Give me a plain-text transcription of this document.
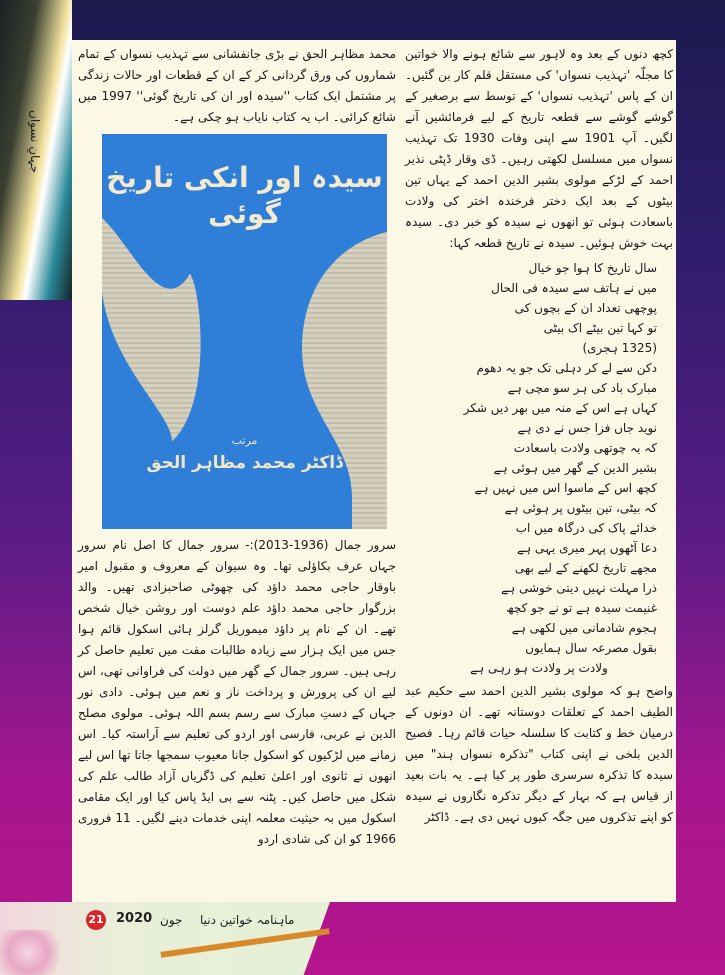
جہانِ نسواں

کچھ دنوں کے بعد وہ لاہور سے شائع ہونے والا خواتین کا مجلّہ 'تہذیب نسواں' کی مستقل قلم کار بن گئیں۔ ان کے پاس 'تہذیب نسواں' کے توسط سے برصغیر کے گوشے گوشے سے قطعہ تاریخ کے لیے فرمائشیں آنے لگیں۔ آپ 1901 سے اپنی وفات 1930 تک تہذیب نسواں میں مسلسل لکھتی رہیں۔ ڈی وقار ڈپٹی نذیر احمد کے لڑکے مولوی بشیر الدین احمد کے یہاں تین بیٹوں کے بعد ایک دختر فرخندہ اختر کی ولادت باسعادت ہوئی تو انھوں نے سیدہ کو خبر دی۔ سیدہ بہت خوش ہوئیں۔ سیدہ نے تاریخ قطعہ کہا:

سال تاریخ کا ہوا جو خیال
میں نے ہاتف سے سیدہ فی الحال
پوچھی تعداد ان کے بچوں کی
تو کہا تین بیٹے اک بیٹی
(1325 ہجری)
دکن سے لے کر دہلی تک جو یہ دھوم
مبارک باد کی ہر سو مچی ہے
کہاں ہے اس کے منہ میں بھر دیں شکر
نوید جاں فزا جس نے دی ہے
کہ یہ چوتھی ولادت باسعادت
بشیر الدین کے گھر میں ہوئی ہے
کچھ اس کے ماسوا اس میں نہیں ہے
کہ بیٹی، تین بیٹوں پر ہوئی ہے
خدائے پاک کی درگاہ میں اب
دعا آٹھوں پہر میری یہی ہے
مجھے تاریخ لکھنے کے لیے بھی
ذرا مہلت نہیں دیتی خوشی ہے
غنیمت سیدہ ہے تو نے جو کچھ
ہجوم شادمانی میں لکھی ہے
بقول مصرعہ سال ہمایوں

ولادت پر ولادت ہو رہی ہے

واضح ہو کہ مولوی بشیر الدین احمد سے حکیم عبد الطیف احمد کے تعلقات دوستانہ تھے۔ ان دونوں کے درمیان خط و کتابت کا سلسلہ حیات قائم رہا۔ فصیح الدین بلخی نے اپنی کتاب "تذکرہ نسواں ہند" میں سیدہ کا تذکرہ سرسری طور پر کیا ہے۔ یہ بات بعید از قیاس ہے کہ بہار کے دیگر تذکرہ نگاروں نے سیدہ کو اپنے تذکروں میں جگہ کیوں نہیں دی ہے۔ ڈاکٹر

محمد مظاہر الحق نے بڑی جانفشانی سے تہذیب نسواں کے تمام شماروں کی ورق گردانی کر کے ان کے قطعات اور حالات زندگی پر مشتمل ایک کتاب ''سیدہ اور ان کی تاریخ گوئی'' 1997 میں شائع کرائی۔ اب یہ کتاب نایاب ہو چکی ہے۔

سیدہ اور انکی تاریخ گوئی
مرتب
ڈاکٹر محمد مظاہر الحق

سرور جمال (1936-2013):- سرور جمال کا اصل نام سرور جہاں عرف بکاؤلی تھا۔ وہ سیوان کے معروف و مقبول امیر باوقار حاجی محمد داؤد کی چھوٹی صاحبزادی تھیں۔ والد بزرگوار حاجی محمد داؤد علم دوست اور روشن خیال شخص تھے۔ ان کے نام پر داؤد میموریل گرلز ہائی اسکول قائم ہوا جس میں ایک ہزار سے زیادہ طالبات مفت میں تعلیم حاصل کر رہی ہیں۔ سرور جمال کے گھر میں دولت کی فراوانی تھی، اس لیے ان کی پرورش و پرداخت ناز و نعم میں ہوئی۔ دادی نور جہاں کے دستِ مبارک سے رسم بسم اللہ ہوئی۔ مولوی مصلح الدین نے عربی، فارسی اور اردو کی تعلیم سے آراستہ کیا۔ اس زمانے میں لڑکیوں کو اسکول جانا معیوب سمجھا جاتا تھا اس لیے انھوں نے ثانوی اور اعلیٰ تعلیم کی ڈگریاں آزاد طالب علم کی شکل میں حاصل کیں۔ پٹنہ سے بی ایڈ پاس کیا اور ایک مقامی اسکول میں بہ حیثیت معلمہ اپنی خدمات دینے لگیں۔ 11 فروری 1966 کو ان کی شادی اردو

21 2020 جون ماہنامہ خواتین دنیا
